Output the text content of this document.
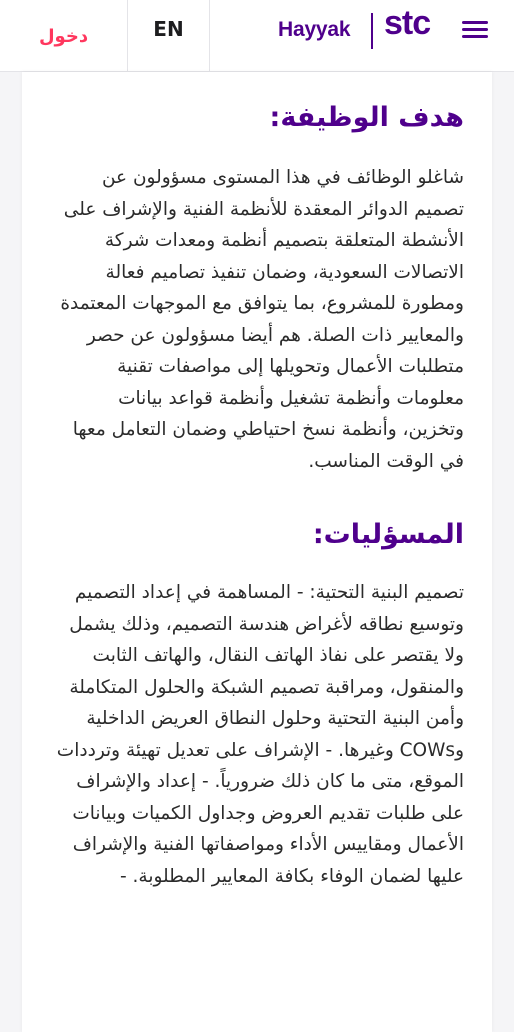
دخول	EN	Hayyak stc
هدف الوظيفة:

شاغلو الوظائف في هذا المستوى مسؤولون عن تصميم الدوائر المعقدة للأنظمة الفنية والإشراف على الأنشطة المتعلقة بتصميم أنظمة ومعدات شركة الاتصالات السعودية، وضمان تنفيذ تصاميم فعالة ومطورة للمشروع، بما يتوافق مع الموجهات المعتمدة والمعايير ذات الصلة. هم أيضا مسؤولون عن حصر متطلبات الأعمال وتحويلها إلى مواصفات تقنية معلومات وأنظمة تشغيل وأنظمة قواعد بيانات وتخزين، وأنظمة نسخ احتياطي وضمان التعامل معها في الوقت المناسب.

المسؤليات:

تصميم البنية التحتية: - المساهمة في إعداد التصميم وتوسيع نطاقه لأغراض هندسة التصميم، وذلك يشمل ولا يقتصر على نفاذ الهاتف النقال، والهاتف الثابت والمنقول، ومراقبة تصميم الشبكة والحلول المتكاملة وأمن البنية التحتية وحلول النطاق العريض الداخلية وCOWs وغيرها. - الإشراف على تعديل تهيئة وترددات الموقع، متى ما كان ذلك ضرورياً. - إعداد والإشراف على طلبات تقديم العروض وجداول الكميات وبيانات الأعمال ومقاييس الأداء ومواصفاتها الفنية والإشراف عليها لضمان الوفاء بكافة المعايير المطلوبة. -
